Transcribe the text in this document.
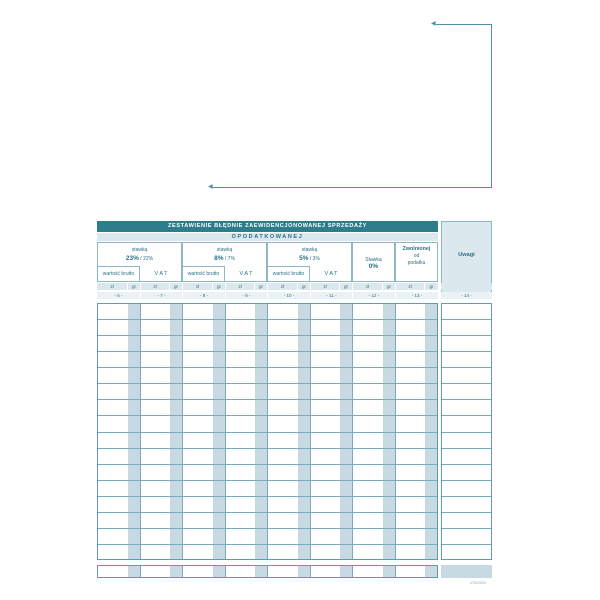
◀
◀
ZESTAWIENIE BŁĘDNIE ZAEWIDENCJONOWANEJ SPRZEDAŻY
OPODATKOWANEJ
stawką
23% / 22%
wartość brutto	V A T
stawką
8% / 7%
wartość brutto	V A T
stawką
5% / 3%
wartość brutto	V A T
Stawką
0%
Zwolnionej
od
podatku
Uwagi
zł	gr	zł	gr	zł	gr	zł	gr	zł	gr	zł	gr	zł	gr	zł	gr
- 6 -	- 7 -	- 8 -	- 9 -	- 10 -	- 11 -	- 12 -	- 13 -	- 14 -
eT/2x3/09
